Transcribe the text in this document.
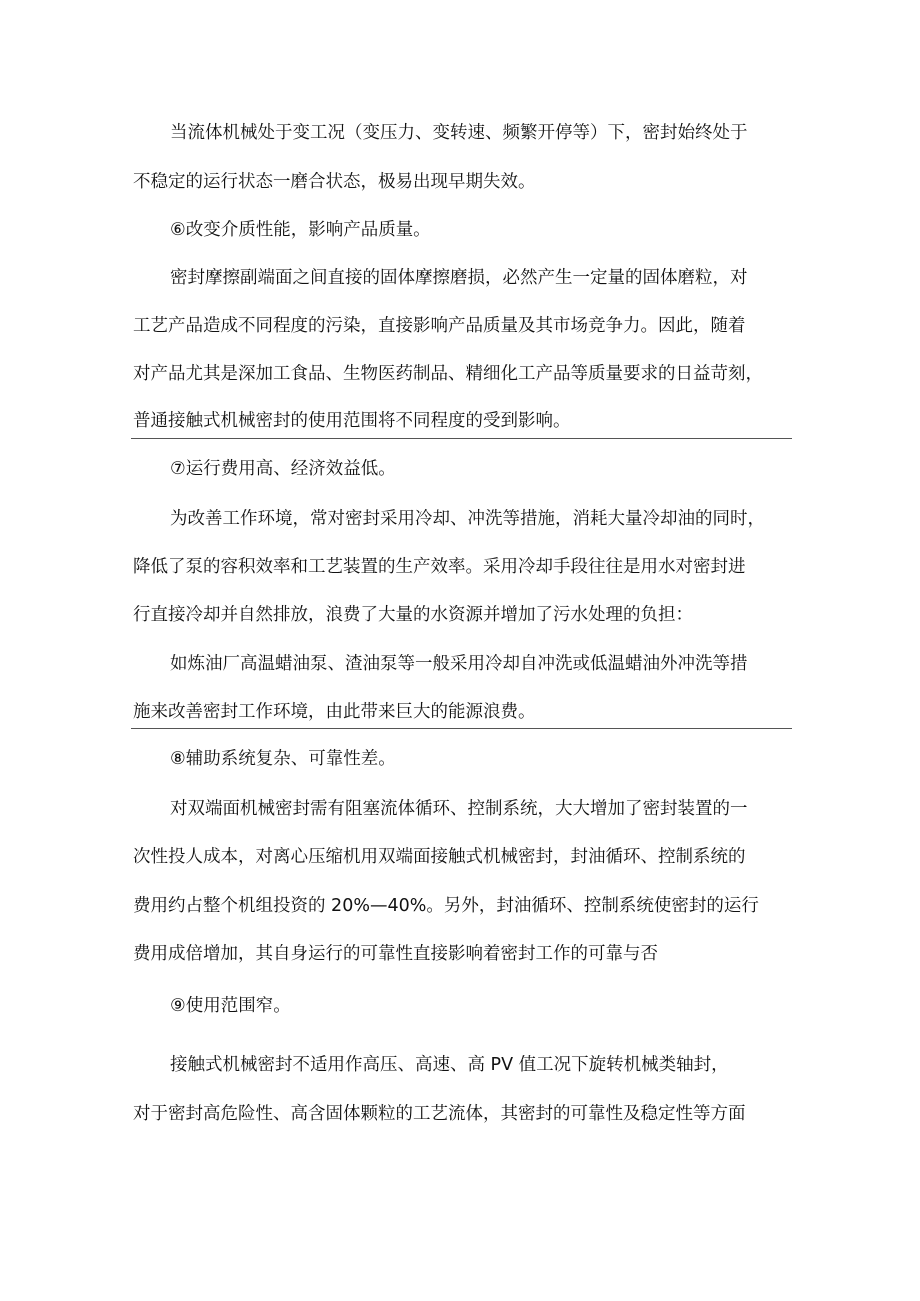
当流体机械处于变工况（变压力、变转速、频繁开停等）下，密封始终处于
不稳定的运行状态一磨合状态，极易出现早期失效。
⑥改变介质性能，影响产品质量。
密封摩擦副端面之间直接的固体摩擦磨损，必然产生一定量的固体磨粒，对
工艺产品造成不同程度的污染，直接影响产品质量及其市场竞争力。因此，随着
对产品尤其是深加工食品、生物医药制品、精细化工产品等质量要求的日益苛刻，
普通接触式机械密封的使用范围将不同程度的受到影响。
⑦运行费用高、经济效益低。
为改善工作环境，常对密封采用冷却、冲洗等措施，消耗大量冷却油的同时，
降低了泵的容积效率和工艺装置的生产效率。采用冷却手段往往是用水对密封进
行直接冷却并自然排放，浪费了大量的水资源并增加了污水处理的负担：
如炼油厂高温蜡油泵、渣油泵等一般采用冷却自冲洗或低温蜡油外冲洗等措
施来改善密封工作环境，由此带来巨大的能源浪费。
⑧辅助系统复杂、可靠性差。
对双端面机械密封需有阻塞流体循环、控制系统，大大增加了密封装置的一
次性投人成本，对离心压缩机用双端面接触式机械密封，封油循环、控制系统的
费用约占整个机组投资的 20%—40%。另外，封油循环、控制系统使密封的运行
费用成倍增加，其自身运行的可靠性直接影响着密封工作的可靠与否
⑨使用范围窄。
接触式机械密封不适用作高压、高速、高 PV 值工况下旋转机械类轴封，
对于密封高危险性、高含固体颗粒的工艺流体，其密封的可靠性及稳定性等方面
